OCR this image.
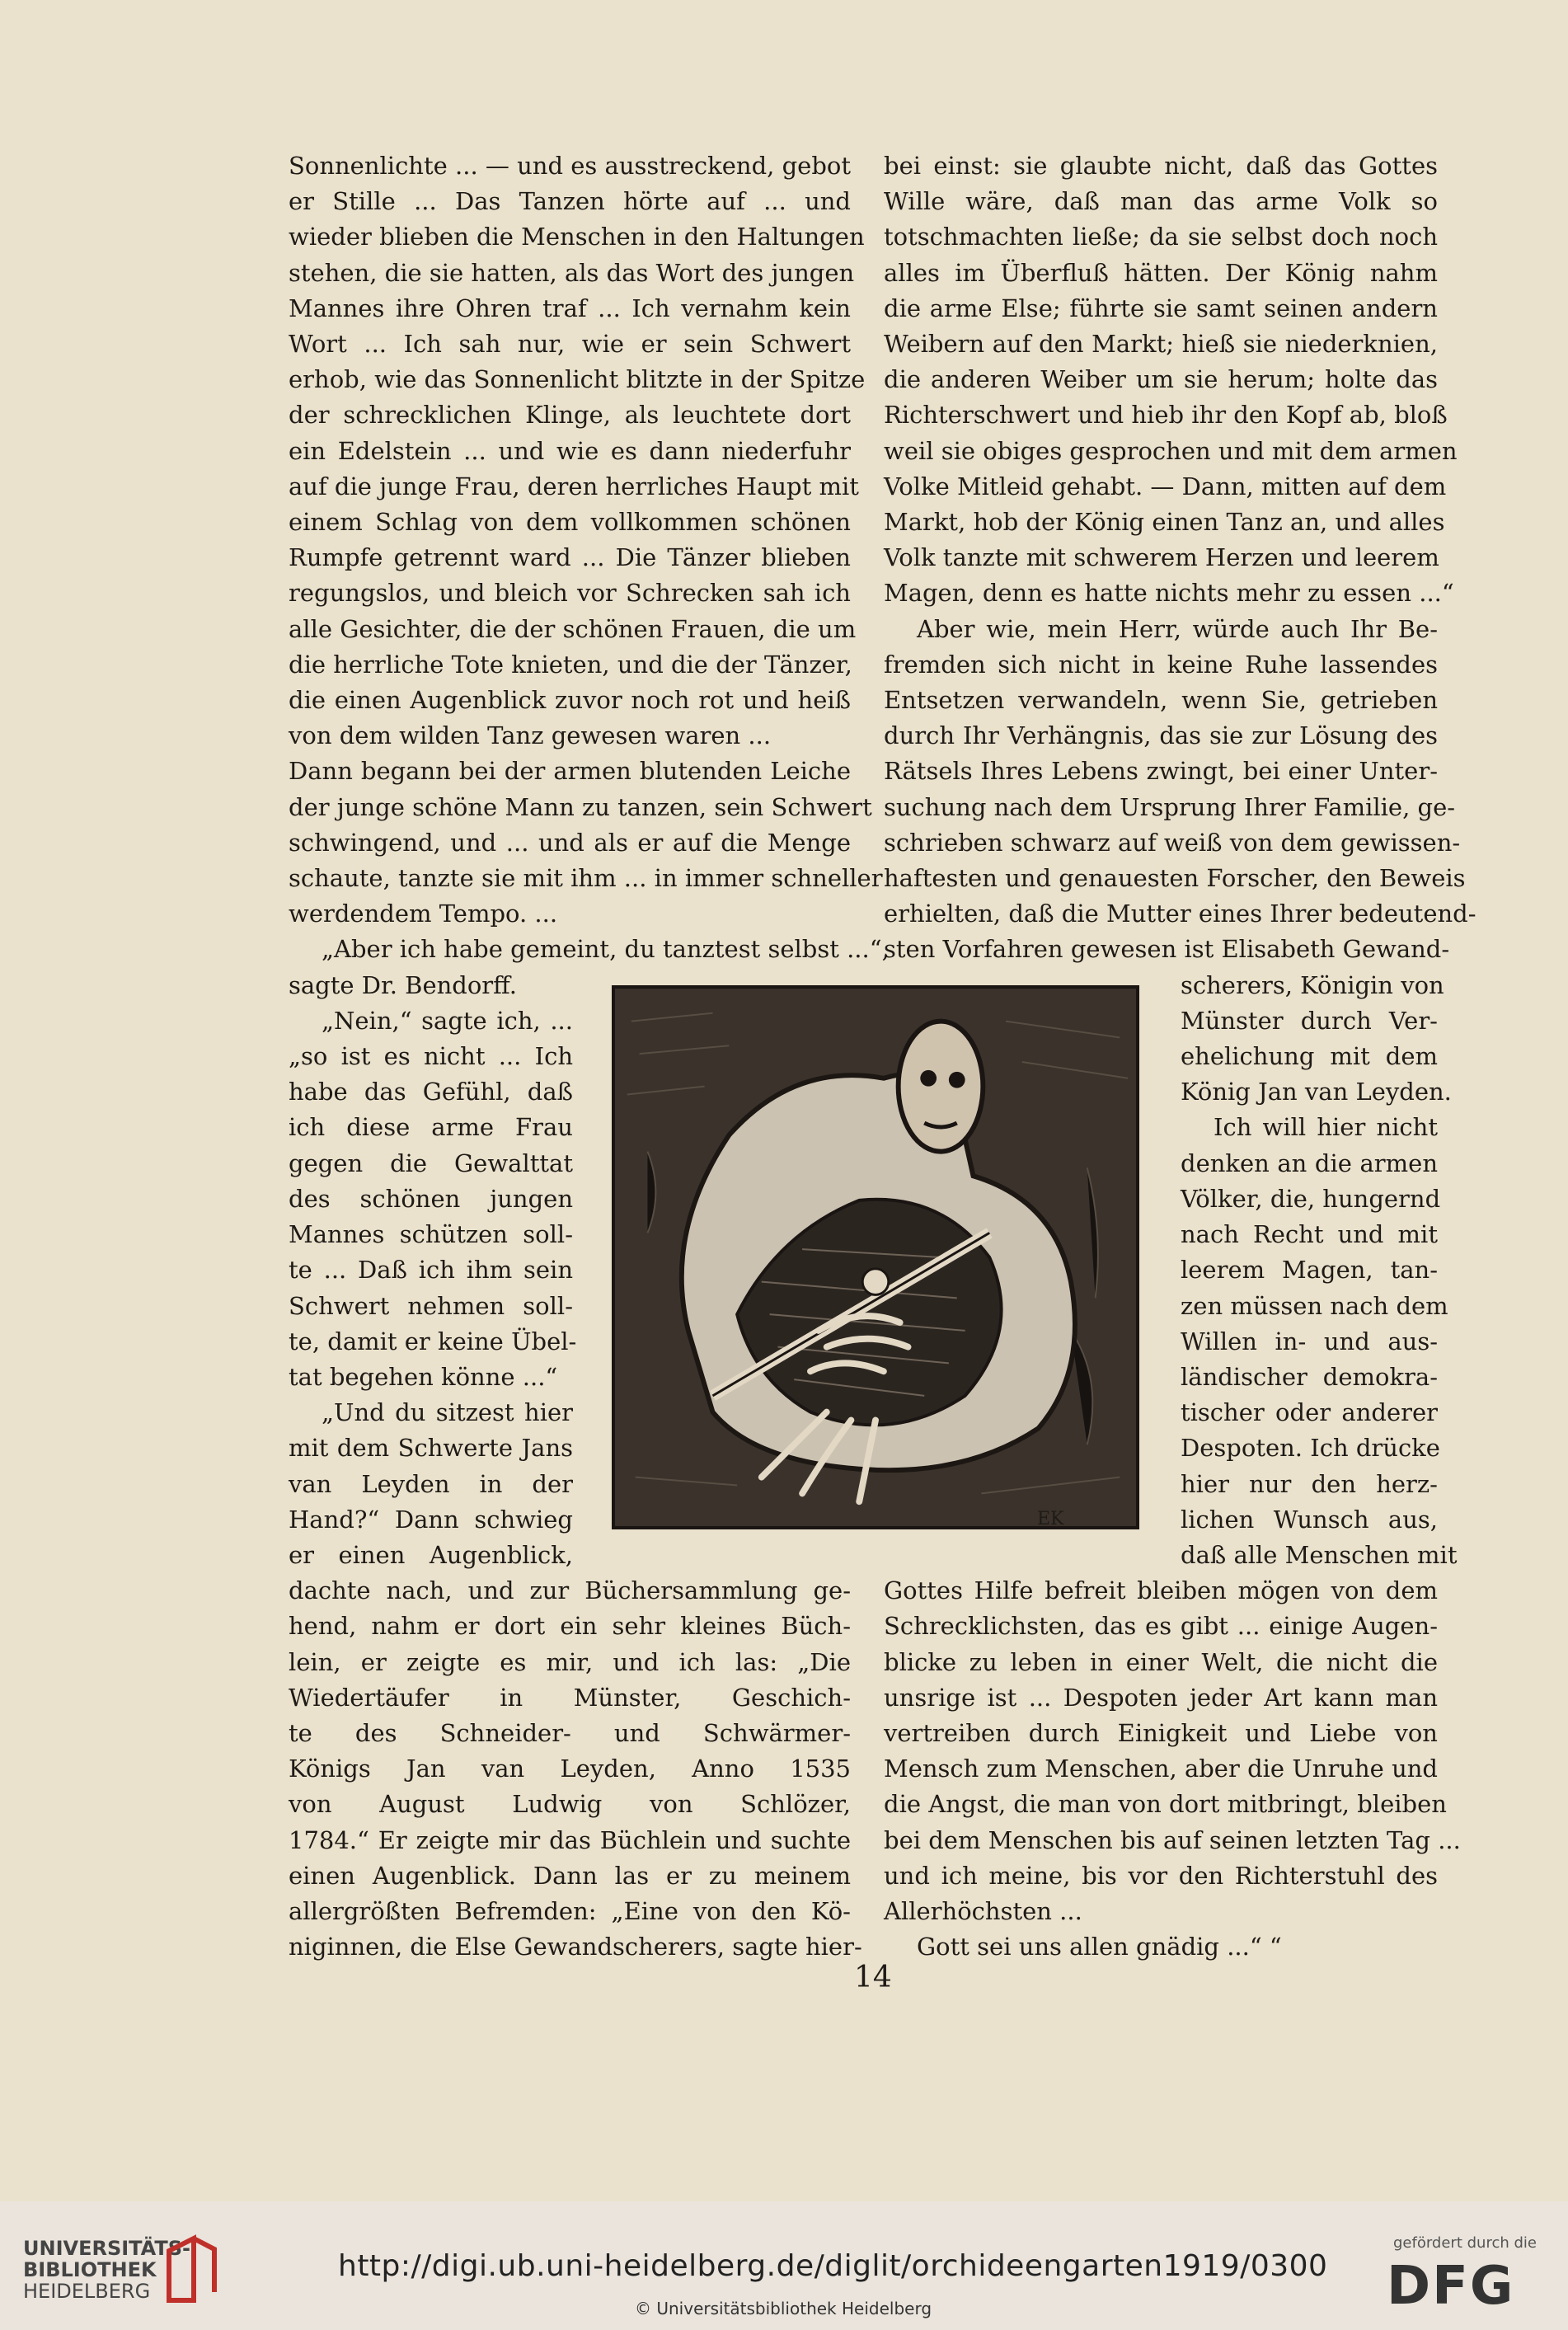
Sonnenlichte ... — und es ausstreckend, gebot
er Stille ... Das Tanzen hörte auf ... und
wieder blieben die Menschen in den Haltungen
stehen, die sie hatten, als das Wort des jungen
Mannes ihre Ohren traf ... Ich vernahm kein
Wort ... Ich sah nur, wie er sein Schwert
erhob, wie das Sonnenlicht blitzte in der Spitze
der schrecklichen Klinge, als leuchtete dort
ein Edelstein ... und wie es dann niederfuhr
auf die junge Frau, deren herrliches Haupt mit
einem Schlag von dem vollkommen schönen
Rumpfe getrennt ward ... Die Tänzer blieben
regungslos, und bleich vor Schrecken sah ich
alle Gesichter, die der schönen Frauen, die um
die herrliche Tote knieten, und die der Tänzer,
die einen Augenblick zuvor noch rot und heiß
von dem wilden Tanz gewesen waren ...
Dann begann bei der armen blutenden Leiche
der junge schöne Mann zu tanzen, sein Schwert
schwingend, und ... und als er auf die Menge
schaute, tanzte sie mit ihm ... in immer schneller
werdendem Tempo. ...
„Aber ich habe gemeint, du tanztest selbst ...“,
sagte Dr. Bendorff.
„Nein,“ sagte ich, ...
„so ist es nicht ... Ich
habe das Gefühl, daß
ich diese arme Frau
gegen die Gewalttat
des schönen jungen
Mannes schützen soll-
te ... Daß ich ihm sein
Schwert nehmen soll-
te, damit er keine Übel-
tat begehen könne ...“
„Und du sitzest hier
mit dem Schwerte Jans
van Leyden in der
Hand?“ Dann schwieg
er einen Augenblick,
dachte nach, und zur Büchersammlung ge-
hend, nahm er dort ein sehr kleines Büch-
lein, er zeigte es mir, und ich las: „Die
Wiedertäufer in Münster, Geschich-
te des Schneider- und Schwärmer-
Königs Jan van Leyden, Anno 1535
von August Ludwig von Schlözer,
1784.“ Er zeigte mir das Büchlein und suchte
einen Augenblick. Dann las er zu meinem
allergrößten Befremden: „Eine von den Kö-
niginnen, die Else Gewandscherers, sagte hier-
bei einst: sie glaubte nicht, daß das Gottes
Wille wäre, daß man das arme Volk so
totschmachten ließe; da sie selbst doch noch
alles im Überfluß hätten. Der König nahm
die arme Else; führte sie samt seinen andern
Weibern auf den Markt; hieß sie niederknien,
die anderen Weiber um sie herum; holte das
Richterschwert und hieb ihr den Kopf ab, bloß
weil sie obiges gesprochen und mit dem armen
Volke Mitleid gehabt. — Dann, mitten auf dem
Markt, hob der König einen Tanz an, und alles
Volk tanzte mit schwerem Herzen und leerem
Magen, denn es hatte nichts mehr zu essen ...“
Aber wie, mein Herr, würde auch Ihr Be-
fremden sich nicht in keine Ruhe lassendes
Entsetzen verwandeln, wenn Sie, getrieben
durch Ihr Verhängnis, das sie zur Lösung des
Rätsels Ihres Lebens zwingt, bei einer Unter-
suchung nach dem Ursprung Ihrer Familie, ge-
schrieben schwarz auf weiß von dem gewissen-
haftesten und genauesten Forscher, den Beweis
erhielten, daß die Mutter eines Ihrer bedeutend-
sten Vorfahren gewesen ist Elisabeth Gewand-
scherers, Königin von
Münster durch Ver-
ehelichung mit dem
König Jan van Leyden.
Ich will hier nicht
denken an die armen
Völker, die, hungernd
nach Recht und mit
leerem Magen, tan-
zen müssen nach dem
Willen in- und aus-
ländischer demokra-
tischer oder anderer
Despoten. Ich drücke
hier nur den herz-
lichen Wunsch aus,
daß alle Menschen mit
Gottes Hilfe befreit bleiben mögen von dem
Schrecklichsten, das es gibt ... einige Augen-
blicke zu leben in einer Welt, die nicht die
unsrige ist ... Despoten jeder Art kann man
vertreiben durch Einigkeit und Liebe von
Mensch zum Menschen, aber die Unruhe und
die Angst, die man von dort mitbringt, bleiben
bei dem Menschen bis auf seinen letzten Tag ...
und ich meine, bis vor den Richterstuhl des
Allerhöchsten ...
Gott sei uns allen gnädig ...“ “
EK
14
UNIVERSITÄTS-
BIBLIOTHEK
HEIDELBERG
http://digi.ub.uni-heidelberg.de/diglit/orchideengarten1919/0300
© Universitätsbibliothek Heidelberg
gefördert durch die
DFG
